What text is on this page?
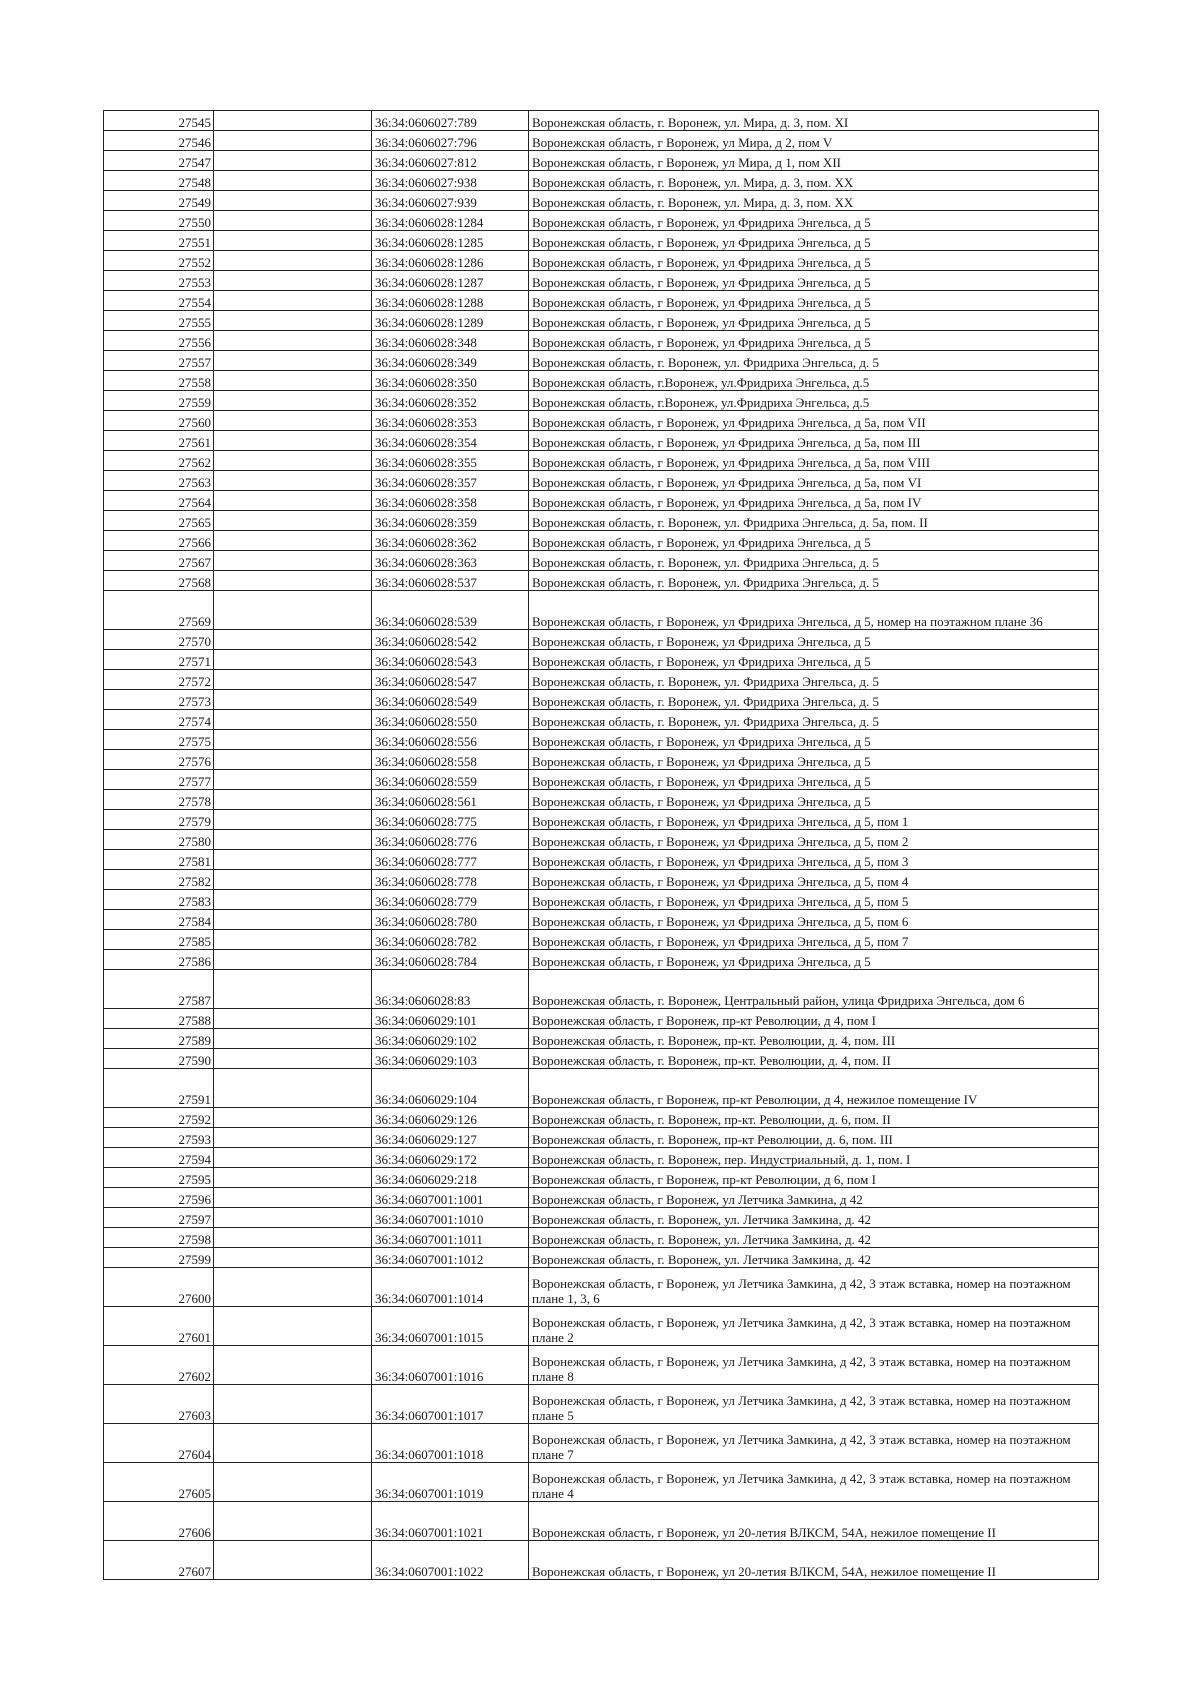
27545		36:34:0606027:789	Воронежская область, г. Воронеж, ул. Мира, д. 3, пом. XI
27546		36:34:0606027:796	Воронежская область, г Воронеж, ул Мира, д 2, пом V
27547		36:34:0606027:812	Воронежская область, г Воронеж, ул Мира, д 1, пом XII
27548		36:34:0606027:938	Воронежская область, г. Воронеж, ул. Мира, д. 3, пом. XX
27549		36:34:0606027:939	Воронежская область, г. Воронеж, ул. Мира, д. 3, пом. XX
27550		36:34:0606028:1284	Воронежская область, г Воронеж, ул Фридриха Энгельса, д 5
27551		36:34:0606028:1285	Воронежская область, г Воронеж, ул Фридриха Энгельса, д 5
27552		36:34:0606028:1286	Воронежская область, г Воронеж, ул Фридриха Энгельса, д 5
27553		36:34:0606028:1287	Воронежская область, г Воронеж, ул Фридриха Энгельса, д 5
27554		36:34:0606028:1288	Воронежская область, г Воронеж, ул Фридриха Энгельса, д 5
27555		36:34:0606028:1289	Воронежская область, г Воронеж, ул Фридриха Энгельса, д 5
27556		36:34:0606028:348	Воронежская область, г Воронеж, ул Фридриха Энгельса, д 5
27557		36:34:0606028:349	Воронежская область, г. Воронеж, ул. Фридриха Энгельса, д. 5
27558		36:34:0606028:350	Воронежская область, г.Воронеж, ул.Фридриха Энгельса, д.5
27559		36:34:0606028:352	Воронежская область, г.Воронеж, ул.Фридриха Энгельса, д.5
27560		36:34:0606028:353	Воронежская область, г Воронеж, ул Фридриха Энгельса, д 5а, пом VII
27561		36:34:0606028:354	Воронежская область, г Воронеж, ул Фридриха Энгельса, д 5а, пом III
27562		36:34:0606028:355	Воронежская область, г Воронеж, ул Фридриха Энгельса, д 5а, пом VIII
27563		36:34:0606028:357	Воронежская область, г Воронеж, ул Фридриха Энгельса, д 5а, пом VI
27564		36:34:0606028:358	Воронежская область, г Воронеж, ул Фридриха Энгельса, д 5а, пом IV
27565		36:34:0606028:359	Воронежская область, г. Воронеж, ул. Фридриха Энгельса, д. 5а, пом. II
27566		36:34:0606028:362	Воронежская область, г Воронеж, ул Фридриха Энгельса, д 5
27567		36:34:0606028:363	Воронежская область, г. Воронеж, ул. Фридриха Энгельса, д. 5
27568		36:34:0606028:537	Воронежская область, г. Воронеж, ул. Фридриха Энгельса, д. 5
27569		36:34:0606028:539	Воронежская область, г Воронеж, ул Фридриха Энгельса, д 5, номер на поэтажном плане 36
27570		36:34:0606028:542	Воронежская область, г Воронеж, ул Фридриха Энгельса, д 5
27571		36:34:0606028:543	Воронежская область, г Воронеж, ул Фридриха Энгельса, д 5
27572		36:34:0606028:547	Воронежская область, г. Воронеж, ул. Фридриха Энгельса, д. 5
27573		36:34:0606028:549	Воронежская область, г. Воронеж, ул. Фридриха Энгельса, д. 5
27574		36:34:0606028:550	Воронежская область, г. Воронеж, ул. Фридриха Энгельса, д. 5
27575		36:34:0606028:556	Воронежская область, г Воронеж, ул Фридриха Энгельса, д 5
27576		36:34:0606028:558	Воронежская область, г Воронеж, ул Фридриха Энгельса, д 5
27577		36:34:0606028:559	Воронежская область, г Воронеж, ул Фридриха Энгельса, д 5
27578		36:34:0606028:561	Воронежская область, г Воронеж, ул Фридриха Энгельса, д 5
27579		36:34:0606028:775	Воронежская область, г Воронеж, ул Фридриха Энгельса, д 5, пом 1
27580		36:34:0606028:776	Воронежская область, г Воронеж, ул Фридриха Энгельса, д 5, пом 2
27581		36:34:0606028:777	Воронежская область, г Воронеж, ул Фридриха Энгельса, д 5, пом 3
27582		36:34:0606028:778	Воронежская область, г Воронеж, ул Фридриха Энгельса, д 5, пом 4
27583		36:34:0606028:779	Воронежская область, г Воронеж, ул Фридриха Энгельса, д 5, пом 5
27584		36:34:0606028:780	Воронежская область, г Воронеж, ул Фридриха Энгельса, д 5, пом 6
27585		36:34:0606028:782	Воронежская область, г Воронеж, ул Фридриха Энгельса, д 5, пом 7
27586		36:34:0606028:784	Воронежская область, г Воронеж, ул Фридриха Энгельса, д 5
27587		36:34:0606028:83	Воронежская область, г. Воронеж, Центральный район, улица Фридриха Энгельса, дом 6
27588		36:34:0606029:101	Воронежская область, г Воронеж, пр-кт Революции, д 4, пом I
27589		36:34:0606029:102	Воронежская область, г. Воронеж, пр-кт. Революции, д. 4, пом. III
27590		36:34:0606029:103	Воронежская область, г. Воронеж, пр-кт. Революции, д. 4, пом. II
27591		36:34:0606029:104	Воронежская область, г Воронеж, пр-кт Революции, д 4, нежилое помещение IV
27592		36:34:0606029:126	Воронежская область, г. Воронеж, пр-кт. Революции, д. 6, пом. II
27593		36:34:0606029:127	Воронежская область, г. Воронеж, пр-кт Революции, д. 6, пом. III
27594		36:34:0606029:172	Воронежская область, г. Воронеж, пер. Индустриальный, д. 1, пом. I
27595		36:34:0606029:218	Воронежская область, г Воронеж, пр-кт Революции, д 6, пом I
27596		36:34:0607001:1001	Воронежская область, г Воронеж, ул Летчика Замкина, д 42
27597		36:34:0607001:1010	Воронежская область, г. Воронеж, ул. Летчика Замкина, д. 42
27598		36:34:0607001:1011	Воронежская область, г. Воронеж, ул. Летчика Замкина, д. 42
27599		36:34:0607001:1012	Воронежская область, г. Воронеж, ул. Летчика Замкина, д. 42
27600		36:34:0607001:1014	Воронежская область, г Воронеж, ул Летчика Замкина, д 42, 3 этаж вставка, номер на поэтажном плане 1, 3, 6
27601		36:34:0607001:1015	Воронежская область, г Воронеж, ул Летчика Замкина, д 42, 3 этаж вставка, номер на поэтажном плане 2
27602		36:34:0607001:1016	Воронежская область, г Воронеж, ул Летчика Замкина, д 42, 3 этаж вставка, номер на поэтажном плане 8
27603		36:34:0607001:1017	Воронежская область, г Воронеж, ул Летчика Замкина, д 42, 3 этаж вставка, номер на поэтажном плане 5
27604		36:34:0607001:1018	Воронежская область, г Воронеж, ул Летчика Замкина, д 42, 3 этаж вставка, номер на поэтажном плане 7
27605		36:34:0607001:1019	Воронежская область, г Воронеж, ул Летчика Замкина, д 42, 3 этаж вставка, номер на поэтажном плане 4
27606		36:34:0607001:1021	Воронежская область, г Воронеж, ул 20-летия ВЛКСМ, 54А, нежилое помещение II
27607		36:34:0607001:1022	Воронежская область, г Воронеж, ул 20-летия ВЛКСМ, 54А, нежилое помещение II
